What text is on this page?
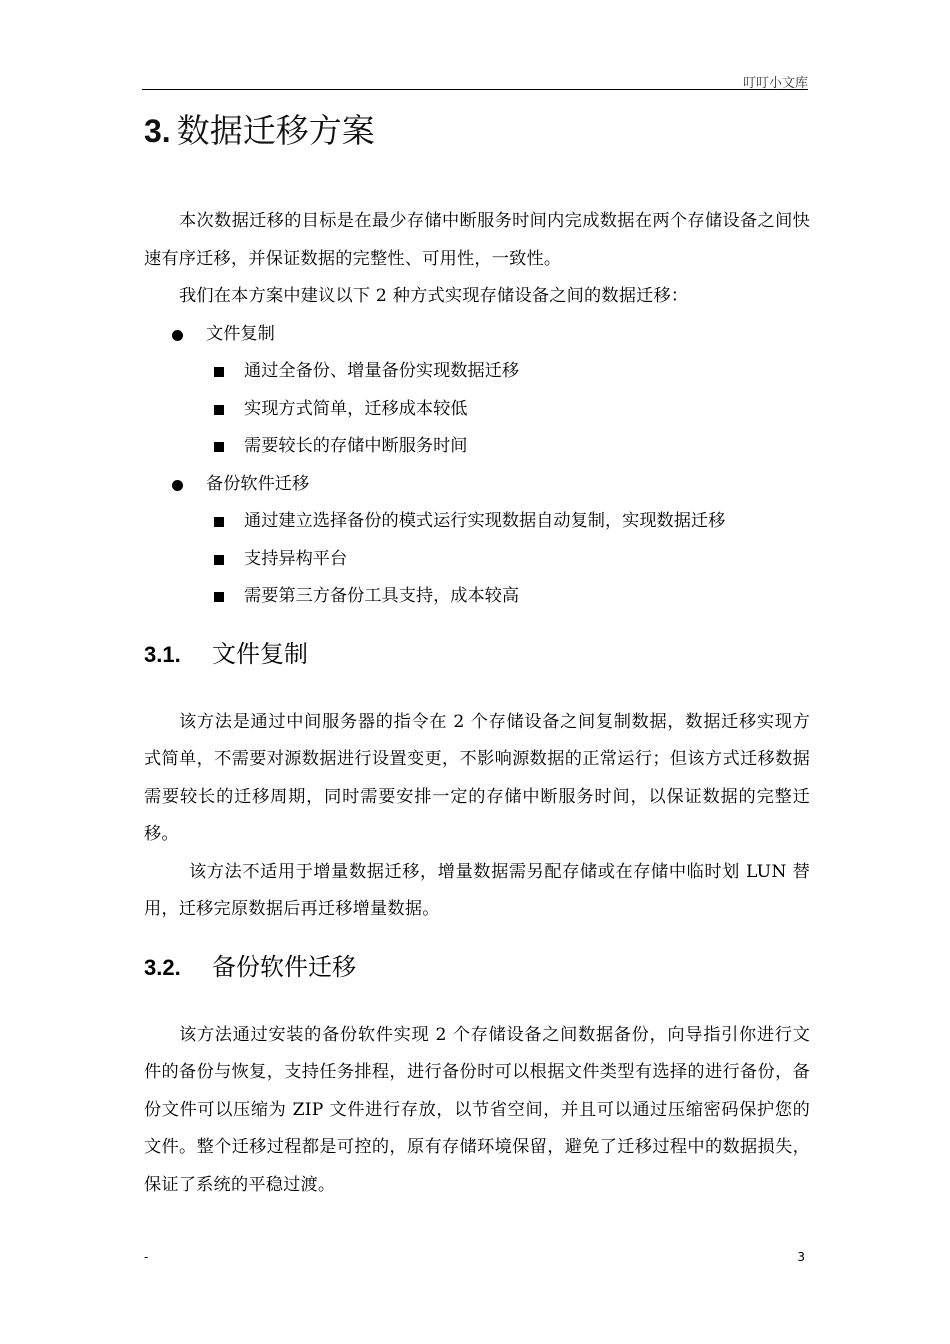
叮叮小文库
3. 数据迁移方案

本次数据迁移的目标是在最少存储中断服务时间内完成数据在两个存储设备之间快速有序迁移，并保证数据的完整性、可用性，一致性。

我们在本方案中建议以下 2 种方式实现存储设备之间的数据迁移：

文件复制
通过全备份、增量备份实现数据迁移
实现方式简单，迁移成本较低
需要较长的存储中断服务时间
备份软件迁移
通过建立选择备份的模式运行实现数据自动复制，实现数据迁移
支持异构平台
需要第三方备份工具支持，成本较高
3.1.	文件复制

该方法是通过中间服务器的指令在 2 个存储设备之间复制数据，数据迁移实现方式简单，不需要对源数据进行设置变更，不影响源数据的正常运行；但该方式迁移数据需要较长的迁移周期，同时需要安排一定的存储中断服务时间，以保证数据的完整迁移。

该方法不适用于增量数据迁移，增量数据需另配存储或在存储中临时划 LUN 替用，迁移完原数据后再迁移增量数据。

3.2.	备份软件迁移

该方法通过安装的备份软件实现 2 个存储设备之间数据备份，向导指引你进行文件的备份与恢复，支持任务排程，进行备份时可以根据文件类型有选择的进行备份，备份文件可以压缩为 ZIP 文件进行存放，以节省空间，并且可以通过压缩密码保护您的文件。整个迁移过程都是可控的，原有存储环境保留，避免了迁移过程中的数据损失，保证了系统的平稳过渡。

-	3
